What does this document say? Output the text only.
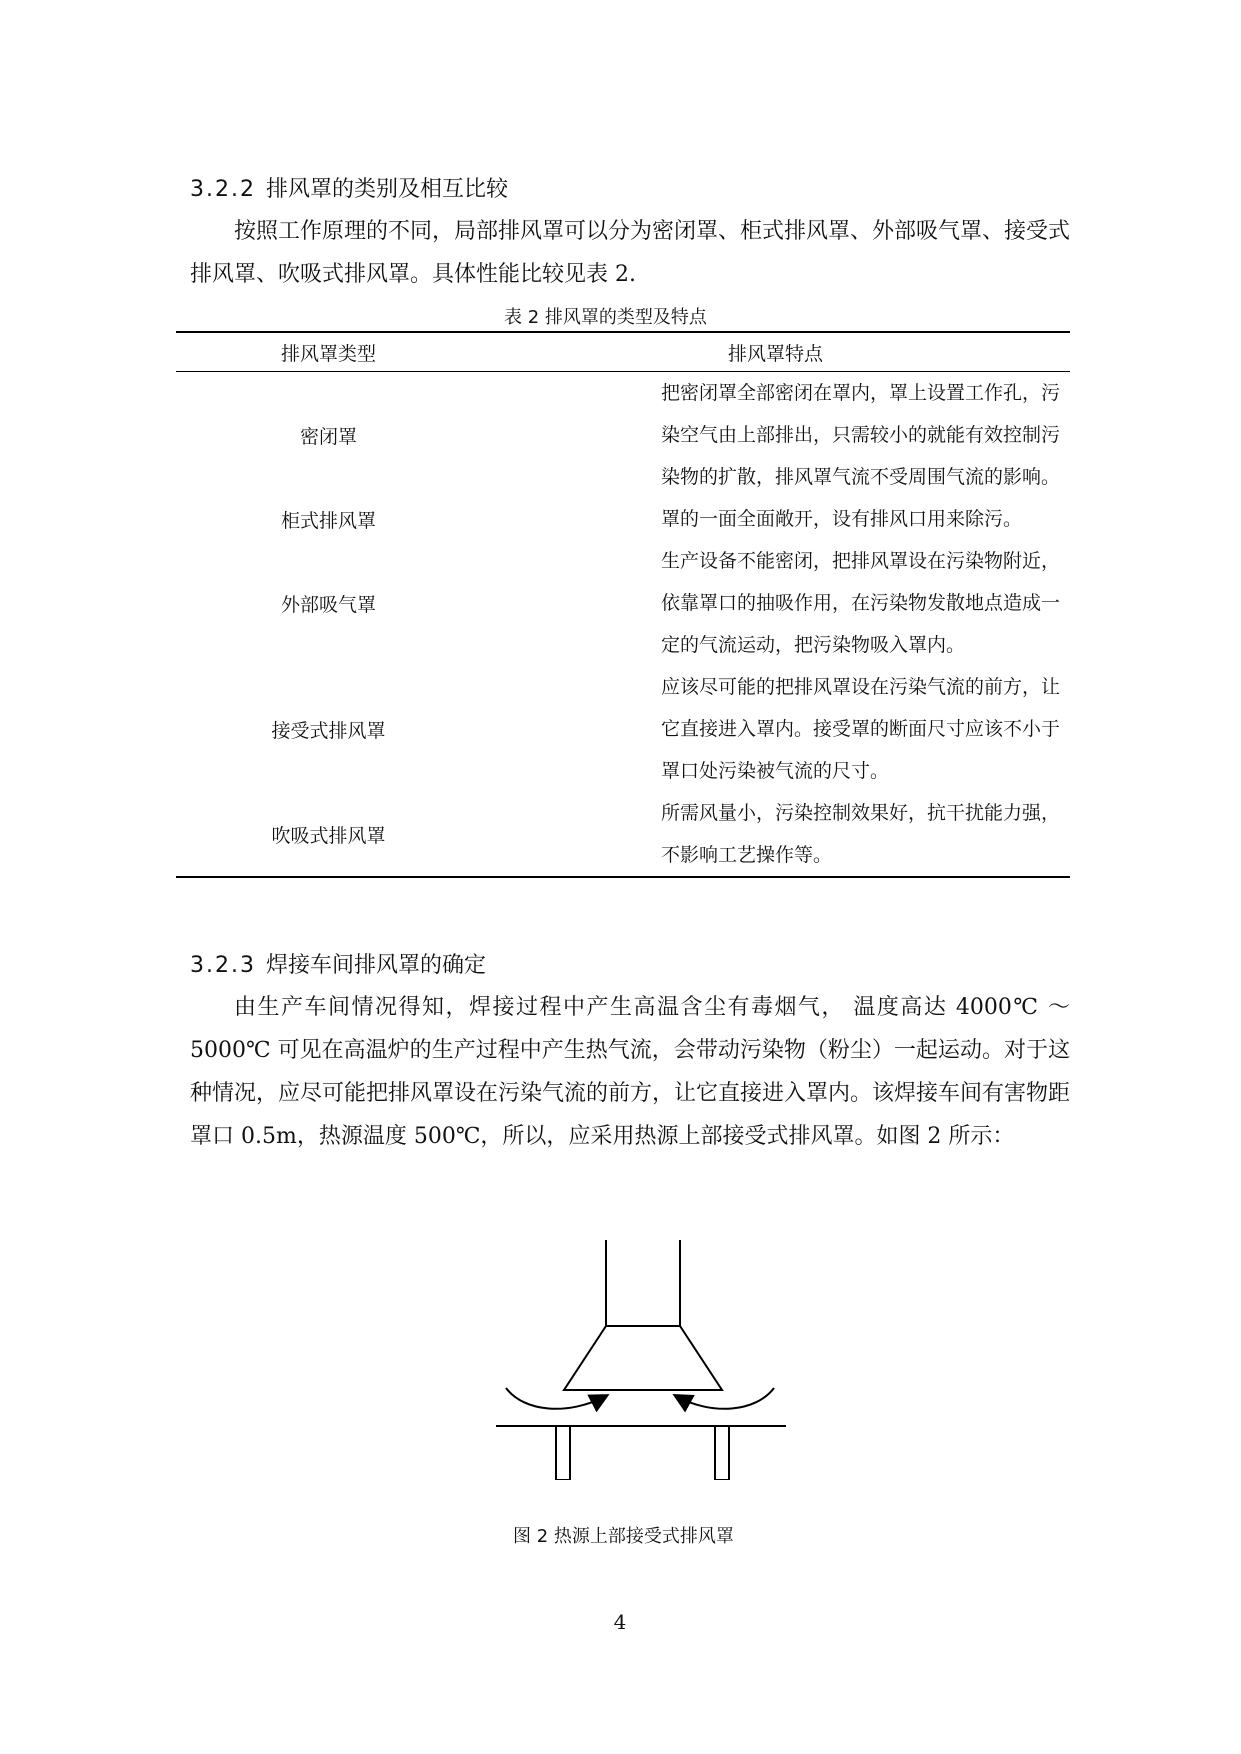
3.2.2 排风罩的类别及相互比较

按照工作原理的不同，局部排风罩可以分为密闭罩、柜式排风罩、外部吸气罩、接受式排风罩、吹吸式排风罩。具体性能比较见表 2.

表 2 排风罩的类型及特点
排风罩类型	排风罩特点
密闭罩	把密闭罩全部密闭在罩内，罩上设置工作孔，污染空气由上部排出，只需较小的就能有效控制污染物的扩散，排风罩气流不受周围气流的影响。
柜式排风罩	罩的一面全面敞开，设有排风口用来除污。
外部吸气罩	生产设备不能密闭，把排风罩设在污染物附近，依靠罩口的抽吸作用，在污染物发散地点造成一定的气流运动，把污染物吸入罩内。
接受式排风罩	应该尽可能的把排风罩设在污染气流的前方，让它直接进入罩内。接受罩的断面尺寸应该不小于罩口处污染被气流的尺寸。
吹吸式排风罩	所需风量小，污染控制效果好，抗干扰能力强，不影响工艺操作等。
3.2.3 焊接车间排风罩的确定

由生产车间情况得知，焊接过程中产生高温含尘有毒烟气， 温度高达 4000℃ ～ 5000℃ 可见在高温炉的生产过程中产生热气流，会带动污染物（粉尘）一起运动。对于这种情况，应尽可能把排风罩设在污染气流的前方，让它直接进入罩内。该焊接车间有害物距罩口 0.5m，热源温度 500℃，所以，应采用热源上部接受式排风罩。如图 2 所示：

图 2 热源上部接受式排风罩
4
